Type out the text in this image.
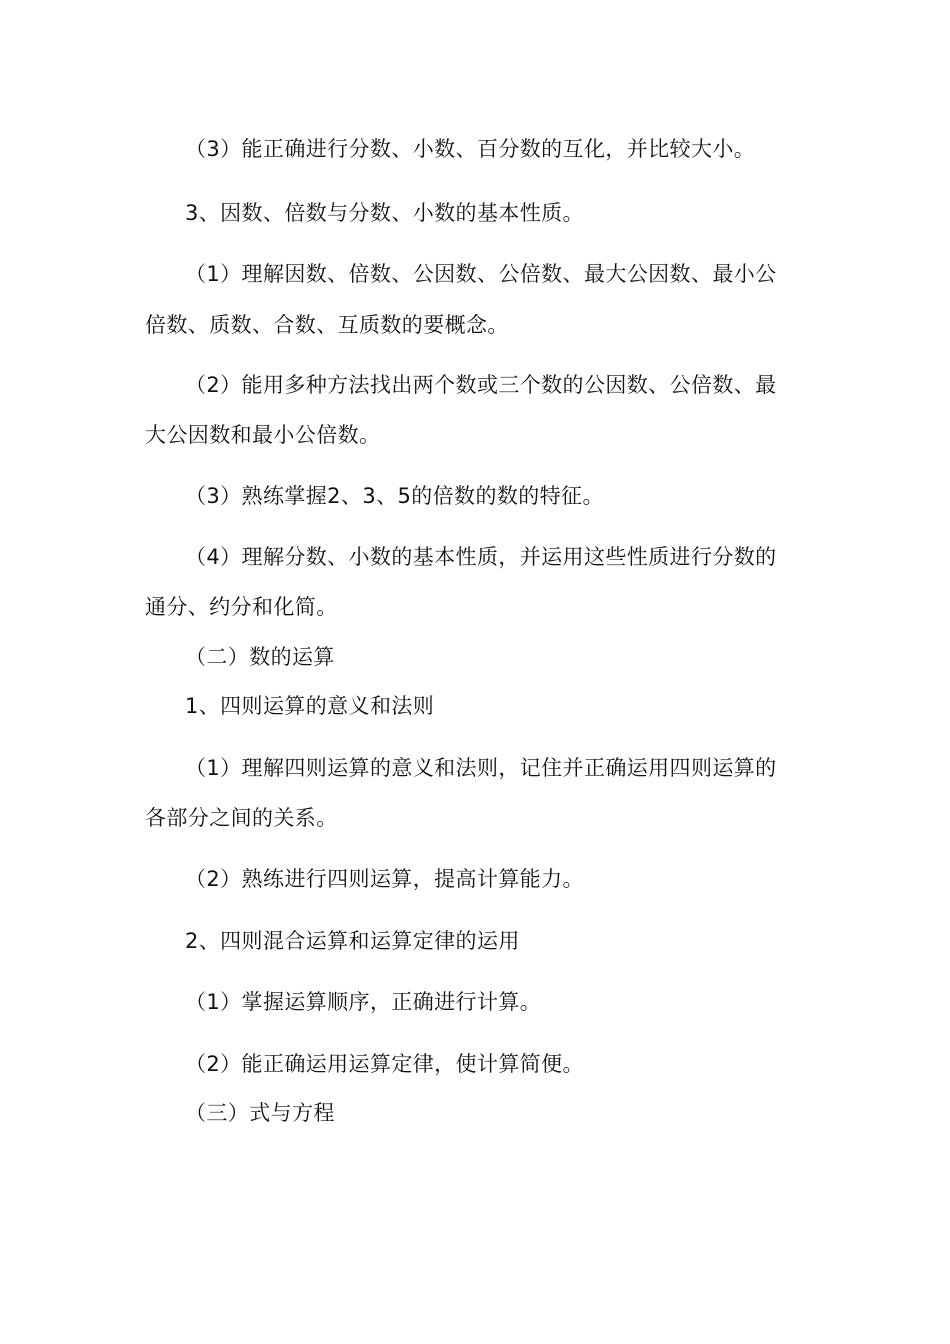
（3）能正确进行分数、小数、百分数的互化，并比较大小。
3、因数、倍数与分数、小数的基本性质。
（1）理解因数、倍数、公因数、公倍数、最大公因数、最小公
倍数、质数、合数、互质数的要概念。
（2）能用多种方法找出两个数或三个数的公因数、公倍数、最
大公因数和最小公倍数。
（3）熟练掌握2、3、5的倍数的数的特征。
（4）理解分数、小数的基本性质，并运用这些性质进行分数的
通分、约分和化简。
（二）数的运算
1、四则运算的意义和法则
（1）理解四则运算的意义和法则，记住并正确运用四则运算的
各部分之间的关系。
（2）熟练进行四则运算，提高计算能力。
2、四则混合运算和运算定律的运用
（1）掌握运算顺序，正确进行计算。
（2）能正确运用运算定律，使计算简便。
（三）式与方程
